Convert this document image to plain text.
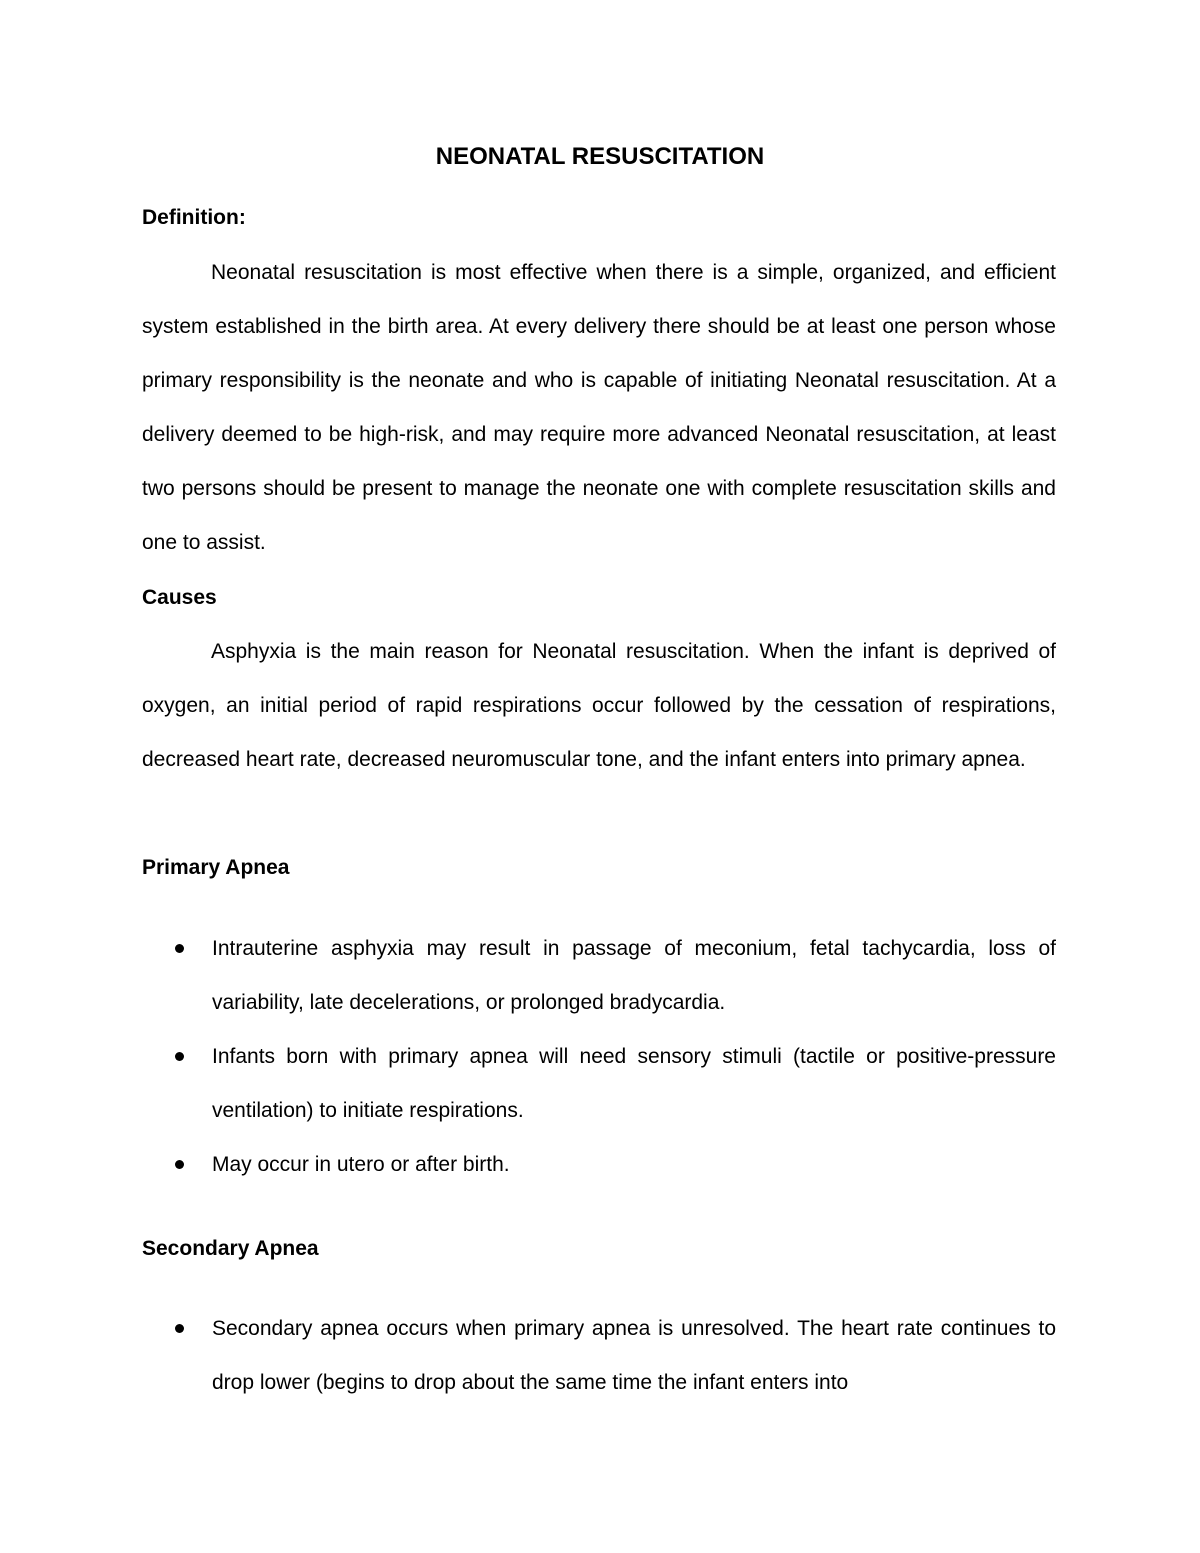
NEONATAL RESUSCITATION
Definition:

Neonatal resuscitation is most effective when there is a simple, organized, and efficient system established in the birth area. At every delivery there should be at least one person whose primary responsibility is the neonate and who is capable of initiating Neonatal resuscitation. At a delivery deemed to be high-risk, and may require more advanced Neonatal resuscitation, at least two persons should be present to manage the neonate one with complete resuscitation skills and one to assist.

Causes

Asphyxia is the main reason for Neonatal resuscitation. When the infant is deprived of oxygen, an initial period of rapid respirations occur followed by the cessation of respirations, decreased heart rate, decreased neuromuscular tone, and the infant enters into primary apnea.

Primary Apnea
Intrauterine asphyxia may result in passage of meconium, fetal tachycardia, loss of variability, late decelerations, or prolonged bradycardia.
Infants born with primary apnea will need sensory stimuli (tactile or positive-pressure ventilation) to initiate respirations.
May occur in utero or after birth.
Secondary Apnea
Secondary apnea occurs when primary apnea is unresolved. The heart rate continues to drop lower (begins to drop about the same time the infant enters into
